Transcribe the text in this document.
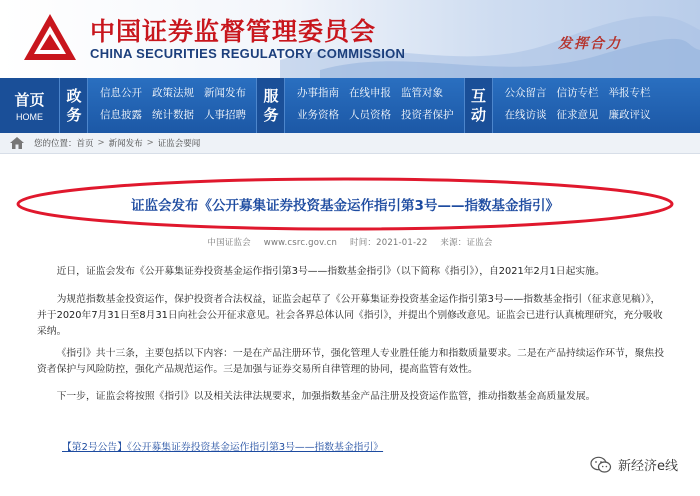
中国证券监督管理委员会
CHINA SECURITIES REGULATORY COMMISSION
发挥合力
首页
HOME
政务
信息公开
信息披露
政策法规
统计数据
新闻发布
人事招聘
服务
办事指南
业务资格
在线申报
人员资格
监管对象
投资者保护
互动
公众留言
在线访谈
信访专栏
征求意见
举报专栏
廉政评议
您的位置： 首页 > 新闻发布 > 证监会要闻
证监会发布《公开募集证券投资基金运作指引第3号——指数基金指引》
中国证监会 www.csrc.gov.cn 时间：2021-01-22 来源：证监会
近日，证监会发布《公开募集证券投资基金运作指引第3号——指数基金指引》（以下简称《指引》），自2021年2月1日起实施。
为规范指数基金投资运作，保护投资者合法权益，证监会起草了《公开募集证券投资基金运作指引第3号——指数基金指引（征求意见稿）》，并于2020年7月31日至8月31日向社会公开征求意见。社会各界总体认同《指引》，并提出个别修改意见。证监会已进行认真梳理研究，充分吸收采纳。
《指引》共十三条，主要包括以下内容：一是在产品注册环节，强化管理人专业胜任能力和指数质量要求。二是在产品持续运作环节，聚焦投资者保护与风险防控，强化产品规范运作。三是加强与证券交易所自律管理的协同，提高监管有效性。
下一步，证监会将按照《指引》以及相关法律法规要求，加强指数基金产品注册及投资运作监管，推动指数基金高质量发展。
【第2号公告】《公开募集证券投资基金运作指引第3号——指数基金指引》
新经济e线
